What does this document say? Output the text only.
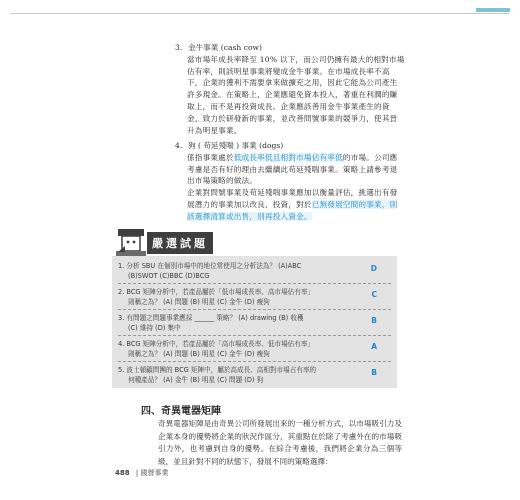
3. 金牛事業 (cash cow)

當市場年成長率降至 10% 以下，而公司仍擁有最大的相對市場佔有率，則該明星事業將變成金牛事業。在市場成長率不高下，企業的獲利不需要拿來做擴充之用，因此它能為公司產生許多現金。在策略上，企業應避免資本投入，著重在利潤的賺取上，而不是再投資成長。企業應該善用金牛事業產生的資金，致力於研發新的事業，並改善問號事業的競爭力，使其晉升為明星事業。

4. 狗 ( 苟延殘喘 ) 事業 (dogs)

係指事業處於低成長率低且相對市場佔有率低的市場。公司應考慮是否有好的理由去繼續此苟延殘喘事業。策略上請參考退出市場策略的做法。

企業對問號事業及苟延殘喘事業應加以衡量評估，挑選出有發展潛力的事業加以改良、投資，對於已無發展空間的事業，則該選擇清算或出售，別再投入資金。

嚴選試題
1. 分析 SBU 在個別市場中的地位常使用之分析法為？ (A)ABC
(B)SWOT (C)BBC (D)BCG
D
2. BCG 矩陣分析中，若產品屬於「低市場成長率、高市場佔有率」
則稱之為？ (A) 問題 (B) 明星 (C) 金牛 (D) 瘦狗
C
3. 有問題之問題事業應採 ______ 策略？ (A) drawing (B) 收穫
(C) 維持 (D) 集中
B
4. BCG 矩陣分析中，若產品屬於「高市場成長率、低市場佔有率」
則稱之為？ (A) 問題 (B) 明星 (C) 金牛 (D) 瘦狗
A
5. 波士頓顧問團的 BCG 矩陣中，屬於高成長、高相對市場占有率的
何種產品？ (A) 金牛 (B) 明星 (C) 問題 (D) 狗
B
四、奇異電器矩陣
奇異電器矩陣是由奇異公司所發展出來的一種分析方式，以市場吸引力及企業本身的優勢將企業的狀況作區分，其重點在於除了考慮外在的市場吸引力外，也考慮到自身的優勢。在綜合考慮後，我們將企業分為三個等級，並且針對不同的狀態下，發展不同的策略選擇：
488 | 國營事業
